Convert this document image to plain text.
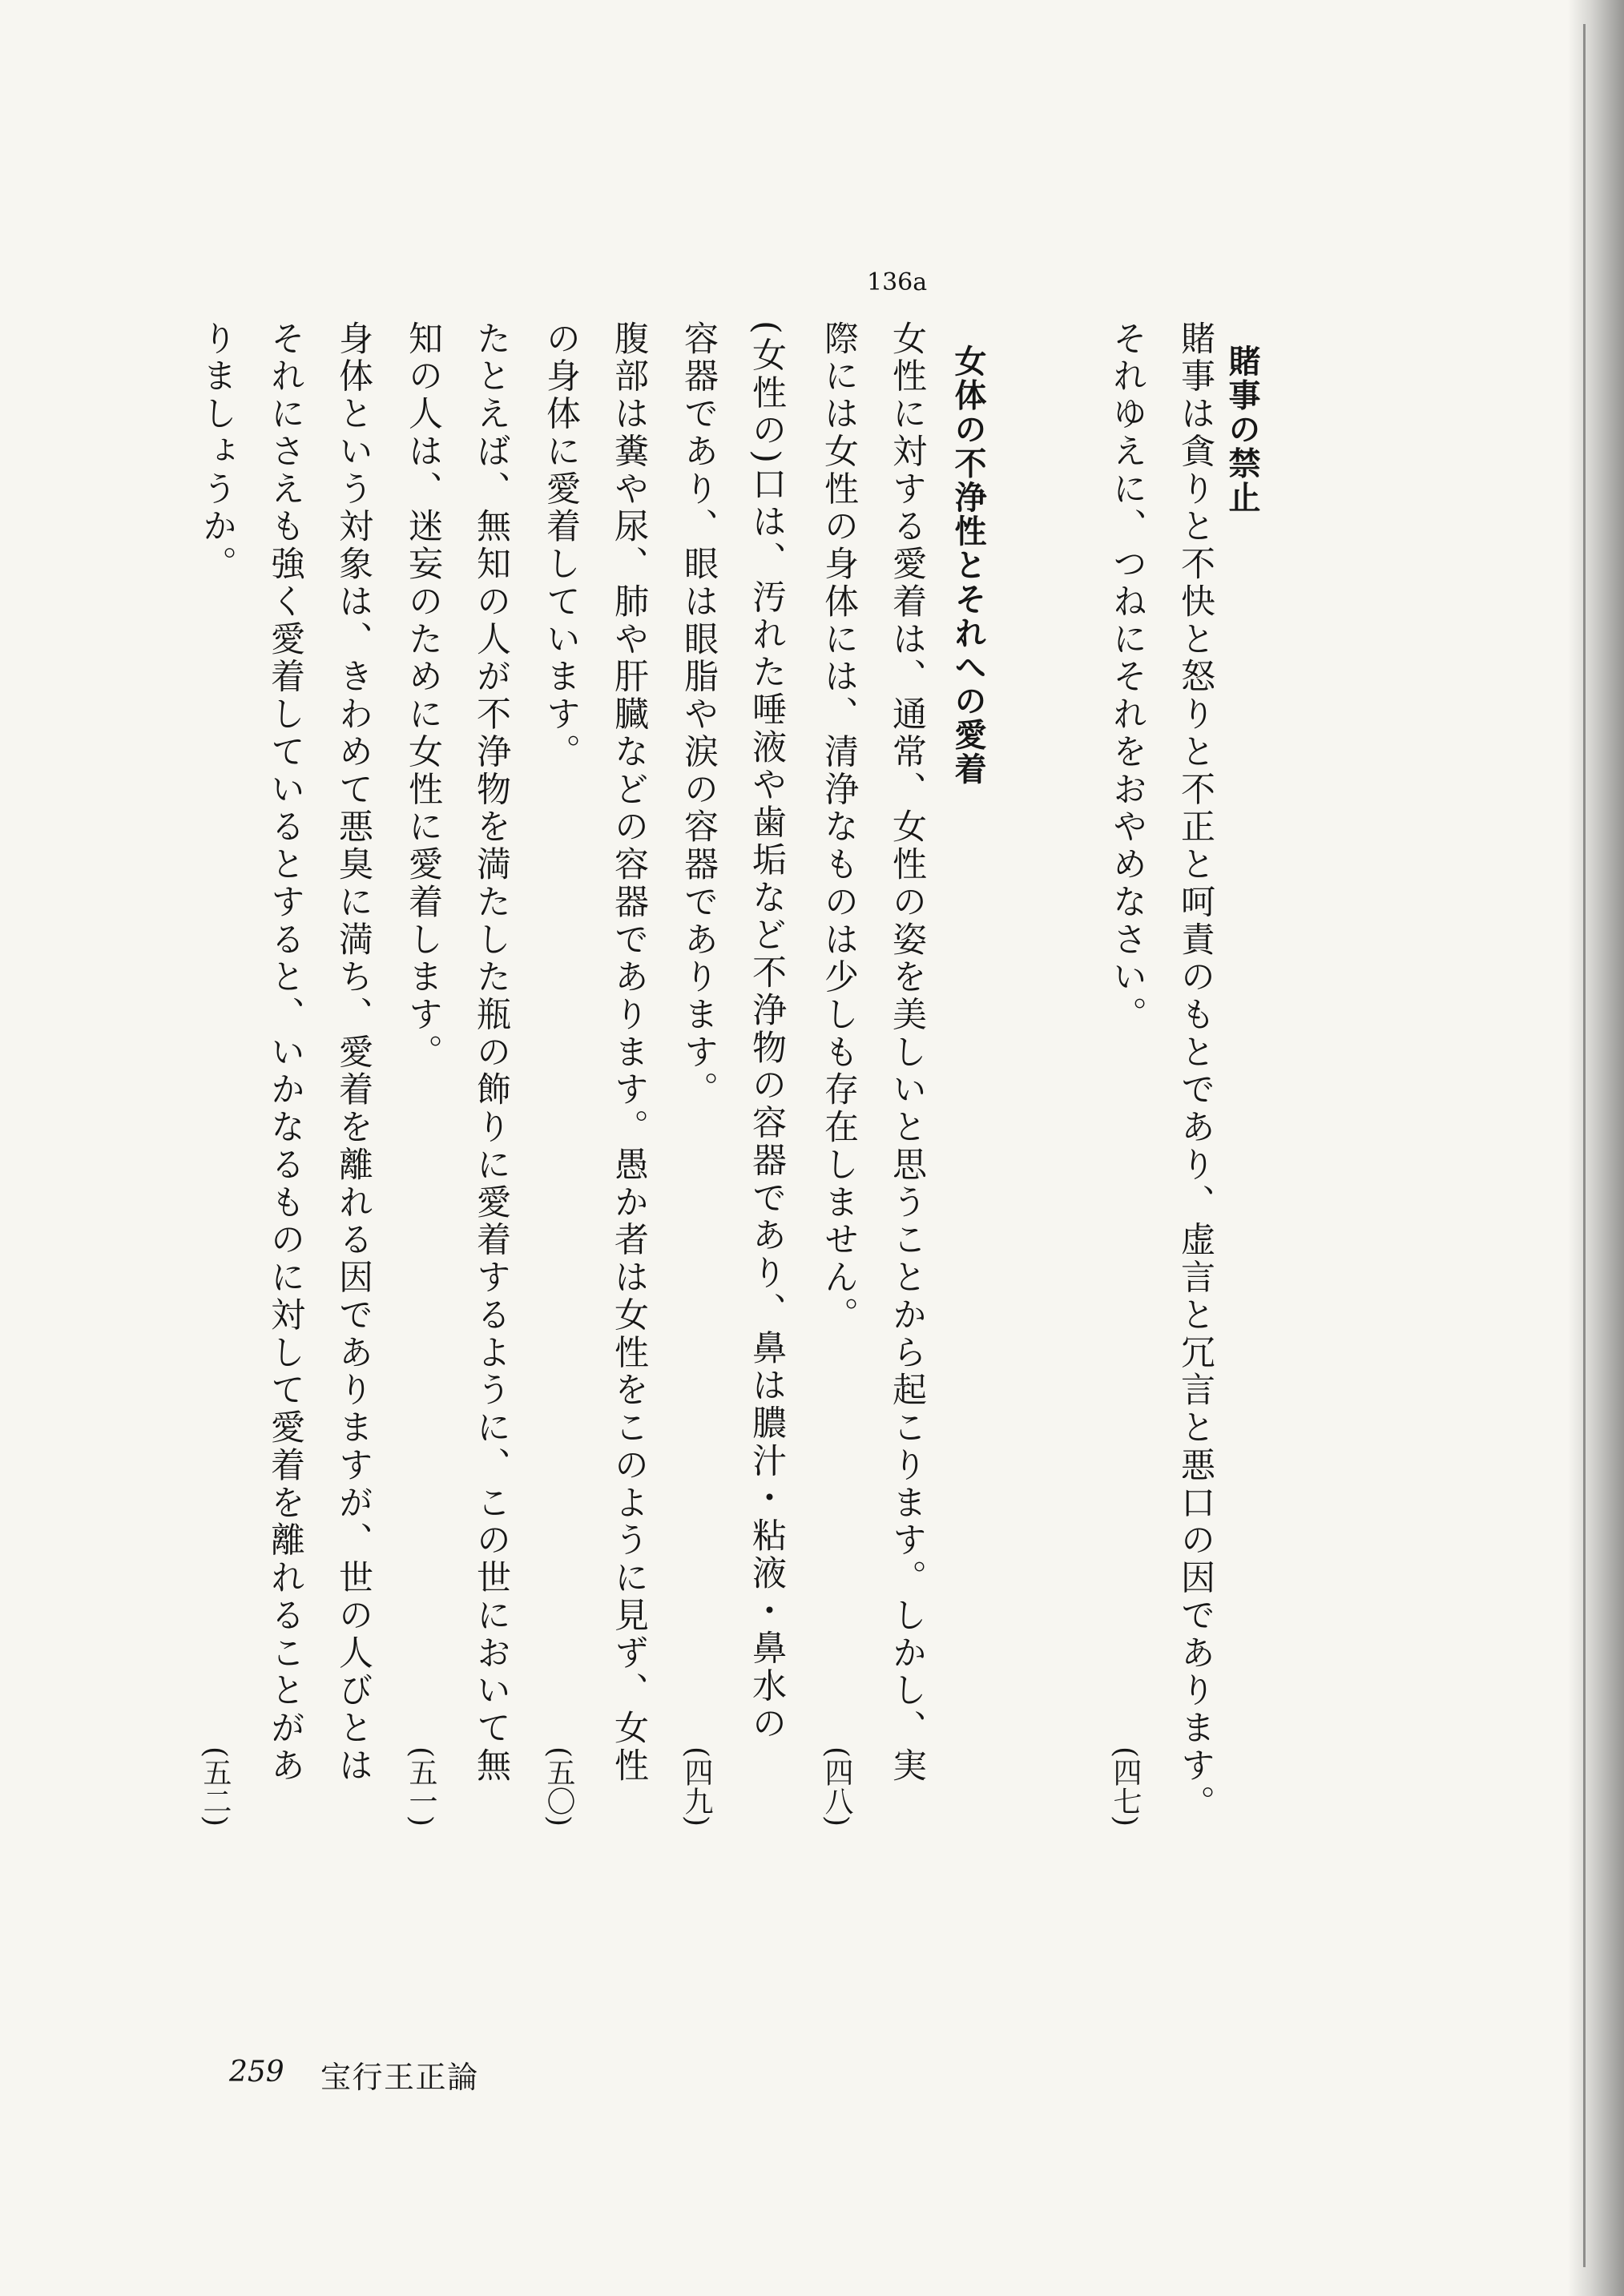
賭事の禁止
賭事は貪りと不快と怒りと不正と呵責のもとであり、虚言と冗言と悪口の因であります。
それゆえに、つねにそれをおやめなさい。
(四七)
136a
女体の不浄性とそれへの愛着
女性に対する愛着は、通常、女性の姿を美しいと思うことから起こります。しかし、実
際には女性の身体には、清浄なものは少しも存在しません。
(四八)
(女性の)口は、汚れた唾液や歯垢など不浄物の容器であり、鼻は膿汁・粘液・鼻水の
容器であり、眼は眼脂や涙の容器であります。
(四九)
腹部は糞や尿、肺や肝臓などの容器であります。愚か者は女性をこのように見ず、女性
の身体に愛着しています。
(五〇)
たとえば、無知の人が不浄物を満たした瓶の飾りに愛着するように、この世において無
知の人は、迷妄のために女性に愛着します。
(五一)
身体という対象は、きわめて悪臭に満ち、愛着を離れる因でありますが、世の人びとは
それにさえも強く愛着しているとすると、いかなるものに対して愛着を離れることがあ
りましょうか。
(五二)
259 宝行王正論
